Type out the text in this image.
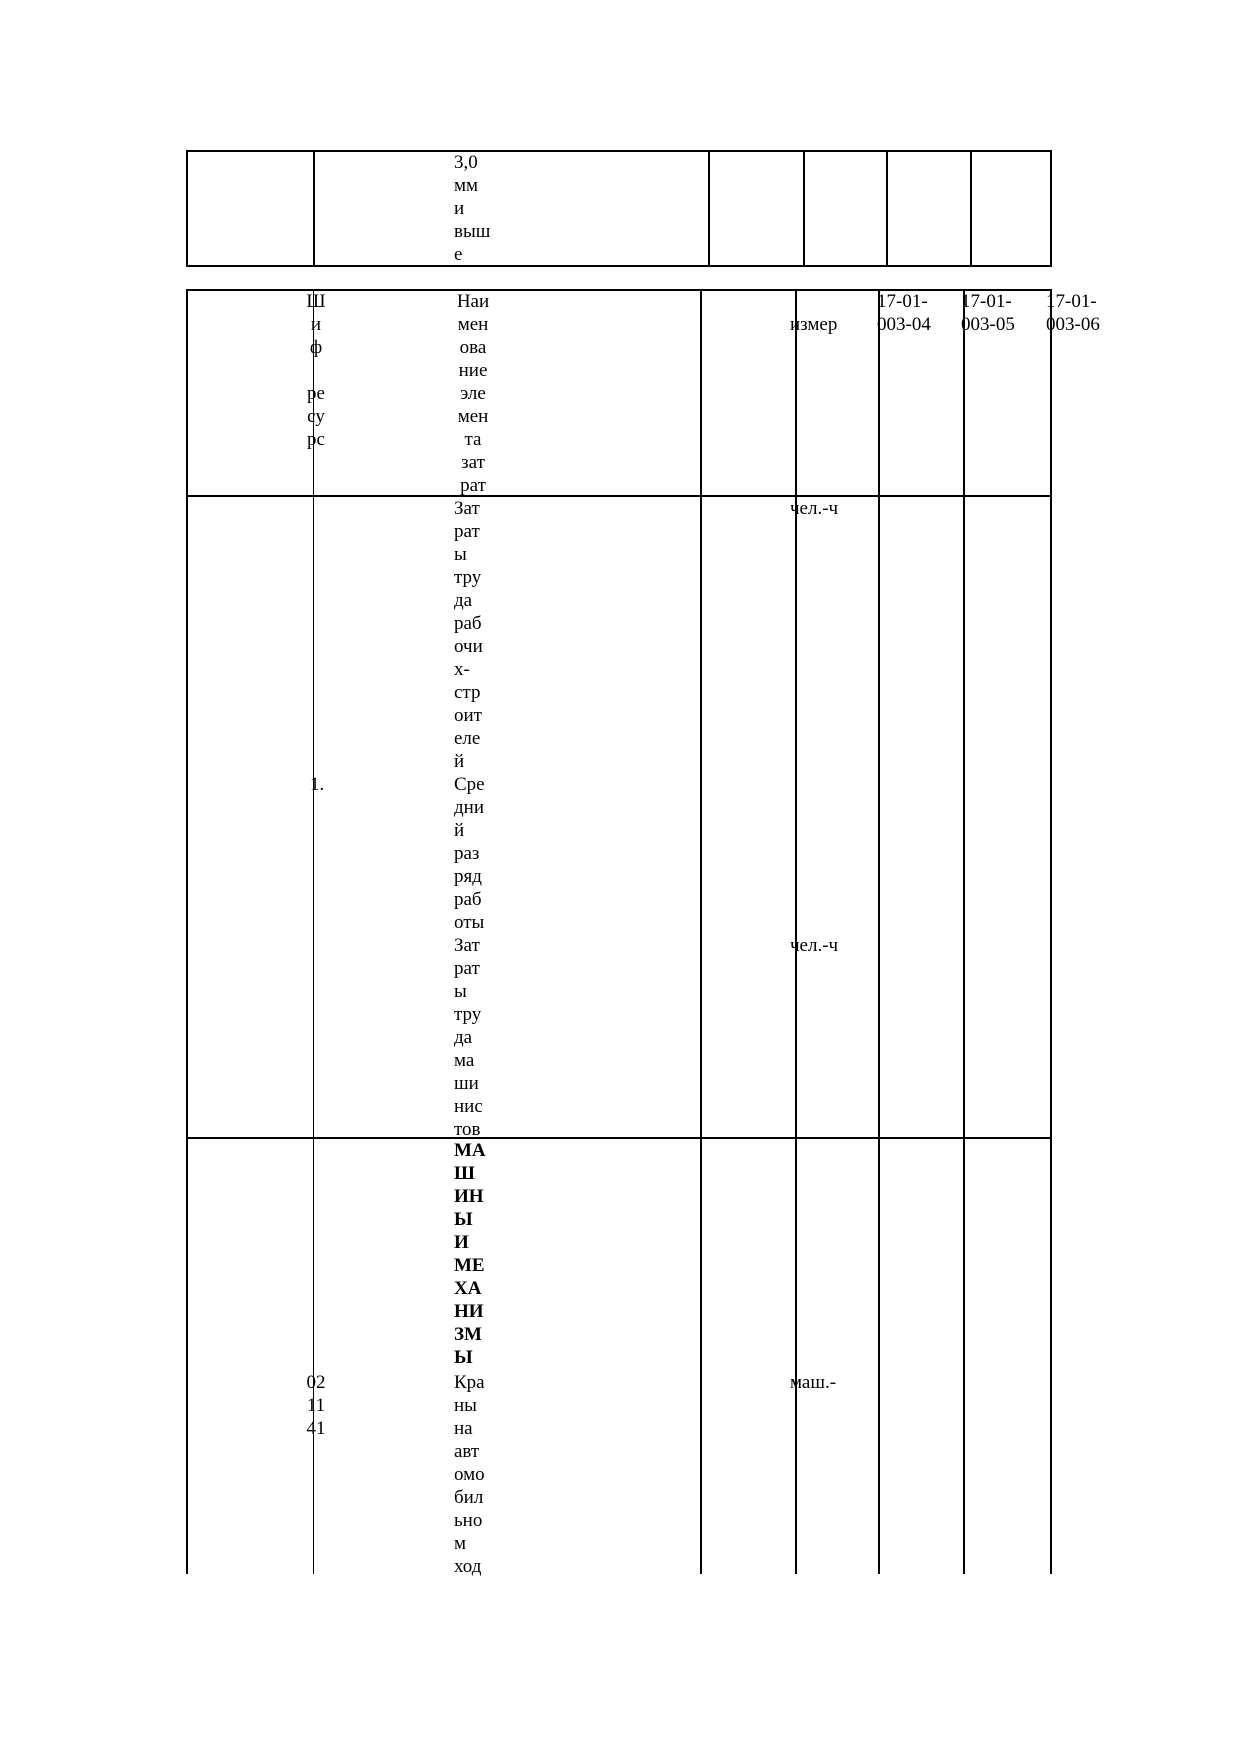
3,0
мм
и
выш
е
Ш
и
ф

ре
су
рс
Наи
мен
ова
ние
эле
мен
та
зат
рат
измер
17-01-
003-04
17-01-
003-05
17-01-
003-06
Зат
рат
ы
тру
да
раб
очи
х-
стр
оит
еле
й
чел.-ч
1.	Сре
дни
й
раз
ряд
раб
оты
Зат
рат
ы
тру
да
ма
ши
нис
тов
чел.-ч
МА
Ш
ИН
Ы
И
МЕ
ХА
НИ
ЗМ
Ы
02
11
41
Кра
ны
на
авт
омо
бил
ьно
м
ход
маш.-
